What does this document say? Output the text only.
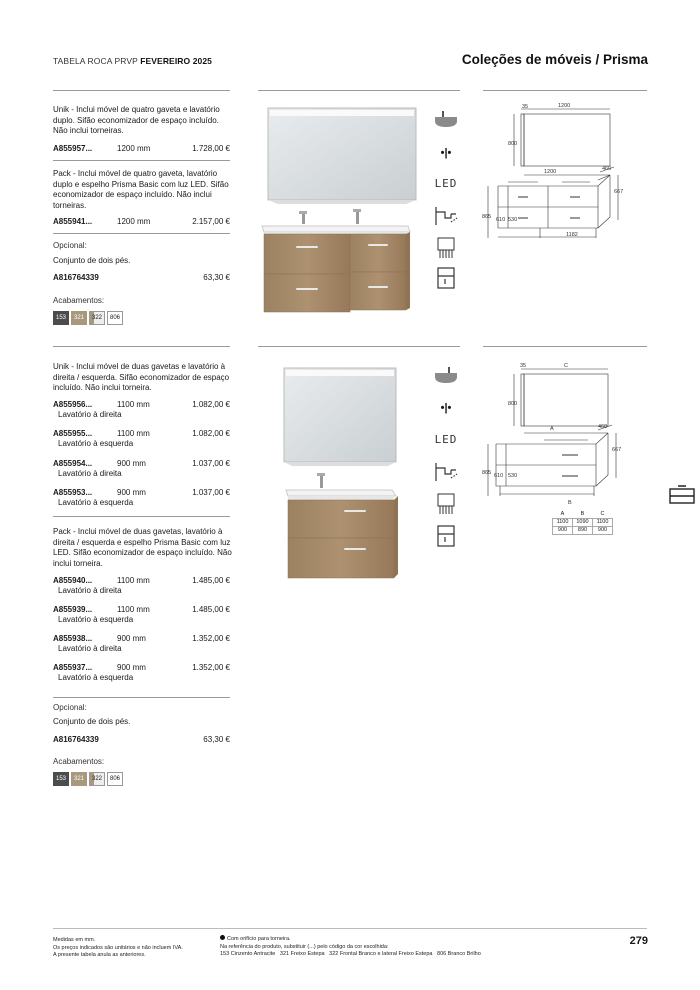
TABELA ROCA PRVP FEVEREIRO 2025	Coleções de móveis / Prisma
Unik - Inclui móvel de quatro gaveta e lavatório duplo. Sifão economizador de espaço incluído. Não inclui torneiras.
A855957...	1200 mm	1.728,00 €
Pack - Inclui móvel de quatro gaveta, lavatório duplo e espelho Prisma Basic com luz LED. Sifão economizador de espaço incluído. Não inclui torneiras.
A855941...	1200 mm	2.157,00 €
Opcional:
Conjunto de dois pés.
A816764339	63,30 €
Acabamentos:
153	321	322	806
•|•
LED
35	1200
800
1200	460
667
865 610 530
1182
Unik - Inclui móvel de duas gavetas e lavatório à direita / esquerda. Sifão economizador de espaço incluído. Não inclui torneira.
A855956...	1100 mm	1.082,00 €
Lavatório à direita
A855955...	1100 mm	1.082,00 €
Lavatório à esquerda
A855954...	900 mm	1.037,00 €
Lavatório à direita
A855953...	900 mm	1.037,00 €
Lavatório à esquerda
Pack - Inclui móvel de duas gavetas, lavatório à direita / esquerda e espelho Prisma Basic com luz LED. Sifão economizador de espaço incluído. Não inclui torneira.
A855940...	1100 mm	1.485,00 €
Lavatório à direita
A855939...	1100 mm	1.485,00 €
Lavatório à esquerda
A855938...	900 mm	1.352,00 €
Lavatório à direita
A855937...	900 mm	1.352,00 €
Lavatório à esquerda
Opcional:
Conjunto de dois pés.
A816764339	63,30 €
Acabamentos:
153	321	322	806
•|•
LED
35	C
800
A	460
667
865 610 530
B
A	B	C
1100	1090	1100
900	890	900
Medidas em mm.
Os preços indicados são unitários e não incluem IVA.
A presente tabela anula as anteriores.
Com orifício para torneira.
Na referência do produto, substituir (...) pelo código da cor escolhida:
153 Cinzento Antracite   321 Freixo Estepa   322 Frontal Branco e lateral Freixo Estepa   806 Branco Brilho
279
